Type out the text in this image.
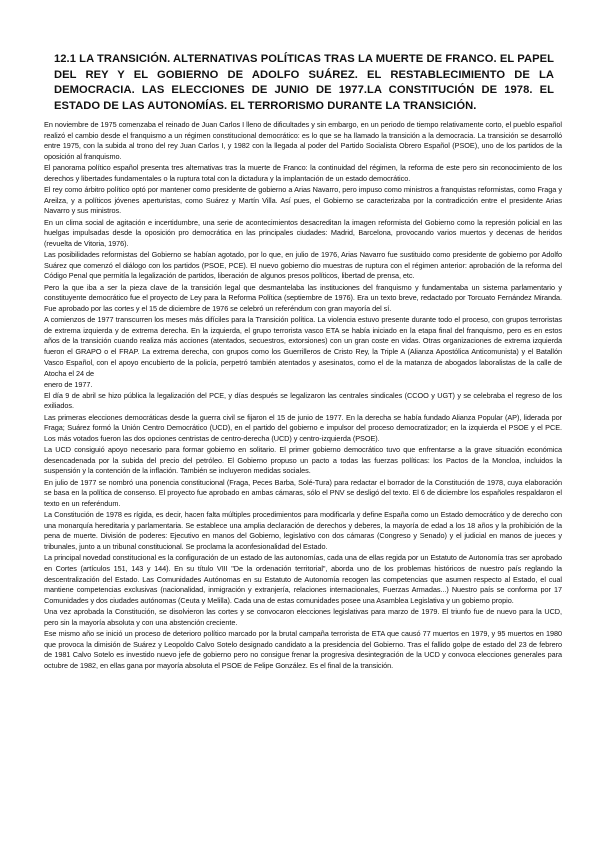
12.1 LA TRANSICIÓN. ALTERNATIVAS POLÍTICAS TRAS LA MUERTE DE FRANCO. EL PAPEL DEL REY Y EL GOBIERNO DE ADOLFO SUÁREZ. EL RESTABLECIMIENTO DE LA DEMOCRACIA. LAS ELECCIONES DE JUNIO DE 1977.LA CONSTITUCIÓN DE 1978. EL ESTADO DE LAS AUTONOMÍAS. EL TERRORISMO DURANTE LA TRANSICIÓN.

En noviembre de 1975 comenzaba el reinado de Juan Carlos I lleno de dificultades y sin embargo, en un periodo de tiempo relativamente corto, el pueblo español realizó el cambio desde el franquismo a un régimen constitucional democrático: es lo que se ha llamado la transición a la democracia. La transición se desarrolló entre 1975, con la subida al trono del rey Juan Carlos I, y 1982 con la llegada al poder del Partido Socialista Obrero Español (PSOE), uno de los partidos de la oposición al franquismo.

El panorama político español presenta tres alternativas tras la muerte de Franco: la continuidad del régimen, la reforma de este pero sin reconocimiento de los derechos y libertades fundamentales o la ruptura total con la dictadura y la implantación de un estado democrático.

El rey como árbitro político optó por mantener como presidente de gobierno a Arias Navarro, pero impuso como ministros a franquistas reformistas, como Fraga y Areilza, y a políticos jóvenes aperturistas, como Suárez y Martín Villa. Así pues, el Gobierno se caracterizaba por la contradicción entre el presidente Arias Navarro y sus ministros.

En un clima social de agitación e incertidumbre, una serie de acontecimientos desacreditan la imagen reformista del Gobierno como la represión policial en las huelgas impulsadas desde la oposición pro democrática en las principales ciudades: Madrid, Barcelona, provocando varios muertos y decenas de heridos (revuelta de Vitoria, 1976).

Las posibilidades reformistas del Gobierno se habían agotado, por lo que, en julio de 1976, Arias Navarro fue sustituido como presidente de gobierno por Adolfo Suárez que comenzó el diálogo con los partidos (PSOE, PCE). El nuevo gobierno dio muestras de ruptura con el régimen anterior: aprobación de la reforma del Código Penal que permitía la legalización de partidos, liberación de algunos presos políticos, libertad de prensa, etc.

Pero la que iba a ser la pieza clave de la transición legal que desmantelaba las instituciones del franquismo y fundamentaba un sistema parlamentario y constituyente democrático fue el proyecto de Ley para la Reforma Política (septiembre de 1976). Era un texto breve, redactado por Torcuato Fernández Miranda. Fue aprobado por las cortes y el 15 de diciembre de 1976 se celebró un referéndum con gran mayoría del sí.

A comienzos de 1977 transcurren los meses más difíciles para la Transición política. La violencia estuvo presente durante todo el proceso, con grupos terroristas de extrema izquierda y de extrema derecha. En la izquierda, el grupo terrorista vasco ETA se había iniciado en la etapa final del franquismo, pero es en estos años de la transición cuando realiza más acciones (atentados, secuestros, extorsiones) con un gran coste en vidas. Otras organizaciones de extrema izquierda fueron el GRAPO o el FRAP. La extrema derecha, con grupos como los Guerrilleros de Cristo Rey, la Triple A (Alianza Apostólica Anticomunista) y el Batallón Vasco Español, con el apoyo encubierto de la policía, perpetró también atentados y asesinatos, como el de la matanza de abogados laboralistas de la calle de Atocha el 24 de

enero de 1977.

El día 9 de abril se hizo pública la legalización del PCE, y días después se legalizaron las centrales sindicales (CCOO y UGT) y se celebraba el regreso de los exiliados.

Las primeras elecciones democráticas desde la guerra civil se fijaron el 15 de junio de 1977. En la derecha se había fundado Alianza Popular (AP), liderada por Fraga; Suárez formó la Unión Centro Democrático (UCD), en el partido del gobierno e impulsor del proceso democratizador; en la izquierda el PSOE y el PCE. Los más votados fueron las dos opciones centristas de centro-derecha (UCD) y centro-izquierda (PSOE).

La UCD consiguió apoyo necesario para formar gobierno en solitario. El primer gobierno democrático tuvo que enfrentarse a la grave situación económica desencadenada por la subida del precio del petróleo. El Gobierno propuso un pacto a todas las fuerzas políticas: los Pactos de la Moncloa, incluidos la suspensión y la contención de la inflación. También se incluyeron medidas sociales.

En julio de 1977 se nombró una ponencia constitucional (Fraga, Peces Barba, Solé-Tura) para redactar el borrador de la Constitución de 1978, cuya elaboración se basa en la política de consenso. El proyecto fue aprobado en ambas cámaras, sólo el PNV se desligó del texto. El 6 de diciembre los españoles respaldaron el texto en un referéndum.

La Constitución de 1978 es rígida, es decir, hacen falta múltiples procedimientos para modificarla y define España como un Estado democrático y de derecho con una monarquía hereditaria y parlamentaria. Se establece una amplia declaración de derechos y deberes, la mayoría de edad a los 18 años y la prohibición de la pena de muerte. División de poderes: Ejecutivo en manos del Gobierno, legislativo con dos cámaras (Congreso y Senado) y el judicial en manos de jueces y tribunales, junto a un tribunal constitucional. Se proclama la aconfesionalidad del Estado.

La principal novedad constitucional es la configuración de un estado de las autonomías, cada una de ellas regida por un Estatuto de Autonomía tras ser aprobado en Cortes (artículos 151, 143 y 144). En su título VIII "De la ordenación territorial", aborda uno de los problemas históricos de nuestro país reglando la descentralización del Estado. Las Comunidades Autónomas en su Estatuto de Autonomía recogen las competencias que asumen respecto al Estado, el cual mantiene competencias exclusivas (nacionalidad, inmigración y extranjería, relaciones internacionales, Fuerzas Armadas...) Nuestro país se conforma por 17 Comunidades y dos ciudades autónomas (Ceuta y Melilla). Cada una de estas comunidades posee una Asamblea Legislativa y un gobierno propio.

Una vez aprobada la Constitución, se disolvieron las cortes y se convocaron elecciones legislativas para marzo de 1979. El triunfo fue de nuevo para la UCD, pero sin la mayoría absoluta y con una abstención creciente.

Ese mismo año se inició un proceso de deterioro político marcado por la brutal campaña terrorista de ETA que causó 77 muertos en 1979, y 95 muertos en 1980 que provoca la dimisión de Suárez y Leopoldo Calvo Sotelo designado candidato a la presidencia del Gobierno. Tras el fallido golpe de estado del 23 de febrero de 1981 Calvo Sotelo es investido nuevo jefe de gobierno pero no consigue frenar la progresiva desintegración de la UCD y convoca elecciones generales para octubre de 1982, en ellas gana por mayoría absoluta el PSOE de Felipe González. Es el final de la transición.
